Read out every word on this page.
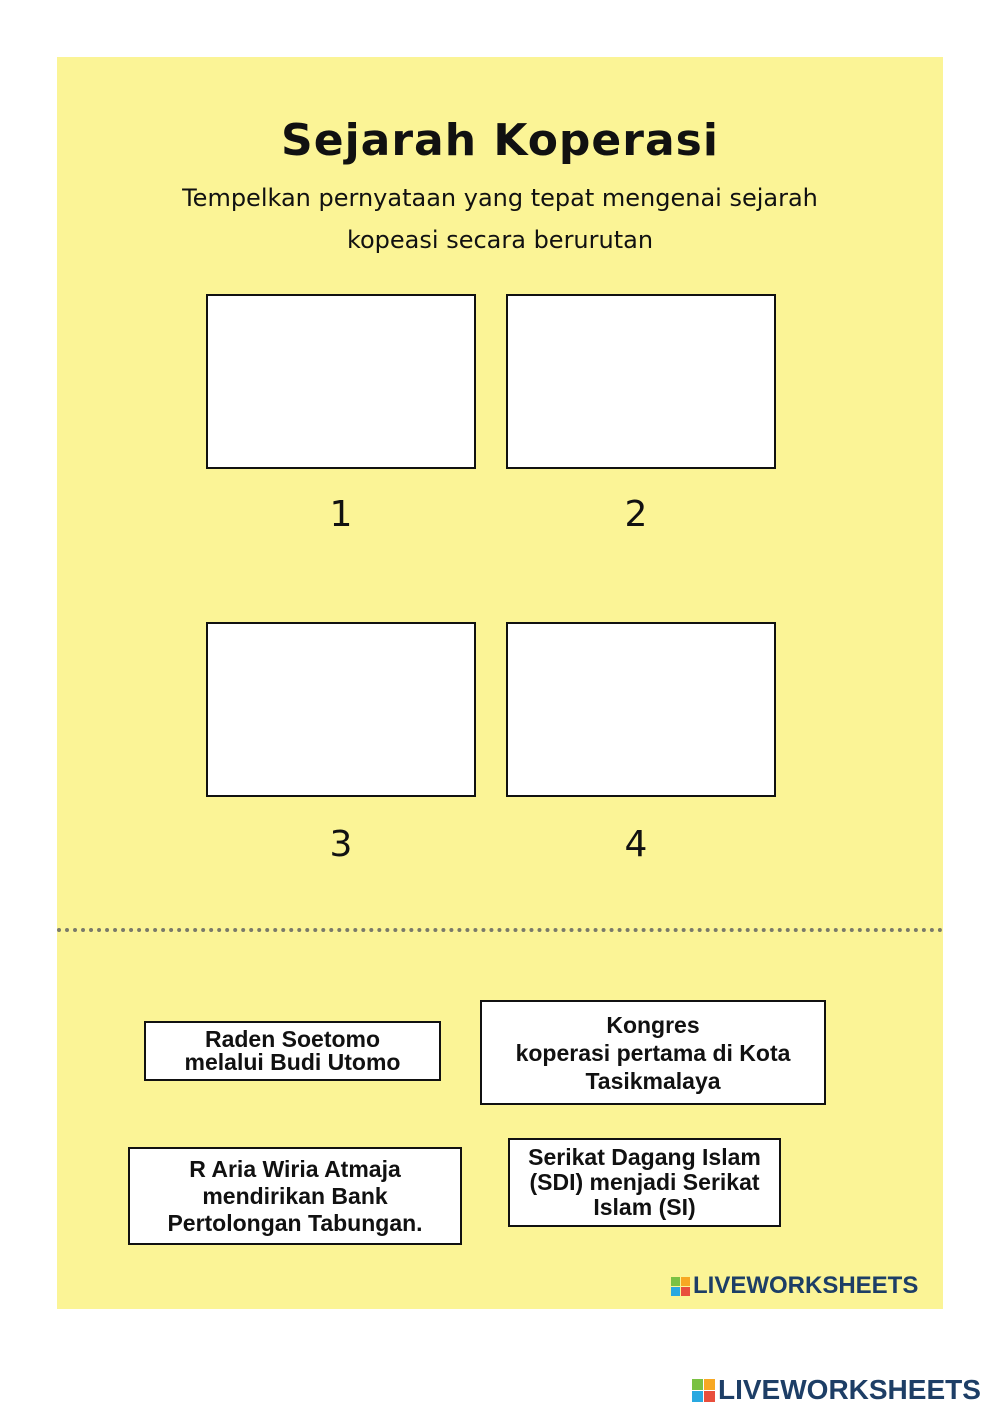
Sejarah Koperasi
Tempelkan pernyataan yang tepat mengenai sejarah kopeasi secara berurutan
1	2
3	4
Raden Soetomo
melalui Budi Utomo
Kongres
koperasi pertama di Kota
Tasikmalaya
R Aria Wiria Atmaja
mendirikan Bank
Pertolongan Tabungan.
Serikat Dagang Islam
(SDI) menjadi Serikat
Islam (SI)
LIVEWORKSHEETS
LIVEWORKSHEETS
